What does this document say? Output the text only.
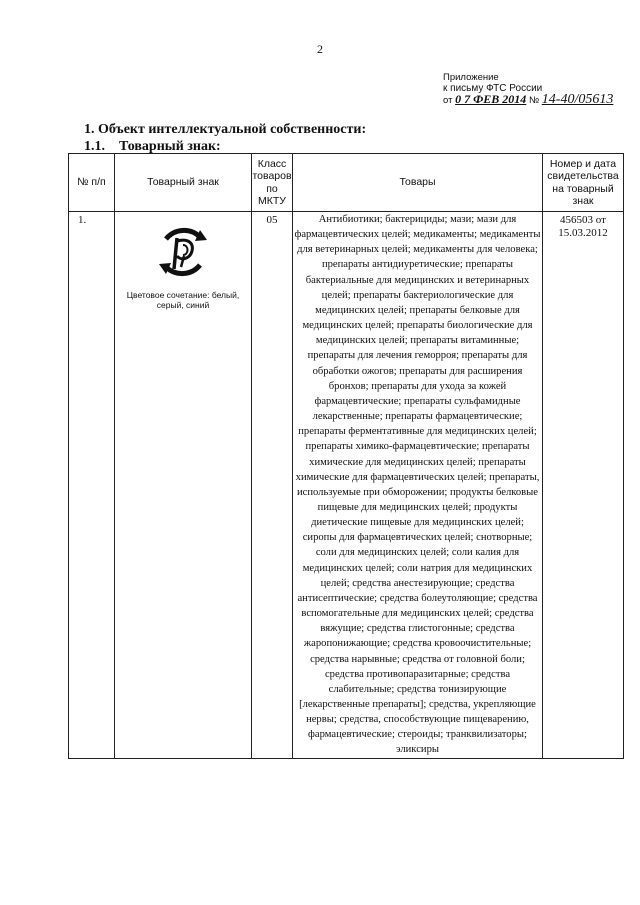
2
Приложение
к письму ФТС России
от 0 7 ФЕВ 2014 № 14-40/05613
1. Объект интеллектуальной собственности:
1.1. Товарный знак:
№ п/п	Товарный знак	Класс товаров по МКТУ	Товары	Номер и дата свидетельства на товарный знак
1.	Цветовое сочетание: белый, серый, синий	05	Антибиотики; бактерициды; мази; мази для фармацевтических целей; медикаменты; медикаменты для ветеринарных целей; медикаменты для человека; препараты антидиуретические; препараты бактериальные для медицинских и ветеринарных целей; препараты бактериологические для медицинских целей; препараты белковые для медицинских целей; препараты биологические для медицинских целей; препараты витаминные; препараты для лечения геморроя; препараты для обработки ожогов; препараты для расширения бронхов; препараты для ухода за кожей фармацевтические; препараты сульфамидные лекарственные; препараты фармацевтические; препараты ферментативные для медицинских целей; препараты химико-фармацевтические; препараты химические для медицинских целей; препараты химические для фармацевтических целей; препараты, используемые при обморожении; продукты белковые пищевые для медицинских целей; продукты диетические пищевые для медицинских целей; сиропы для фармацевтических целей; снотворные; соли для медицинских целей; соли калия для медицинских целей; соли натрия для медицинских целей; средства анестезирующие; средства антисептические; средства болеутоляющие; средства вспомогательные для медицинских целей; средства вяжущие; средства глистогонные; средства жаропонижающие; средства кровоочистительные; средства нарывные; средства от головной боли; средства противопаразитарные; средства слабительные; средства тонизирующие [лекарственные препараты]; средства, укрепляющие нервы; средства, способствующие пищеварению, фармацевтические; стероиды; транквилизаторы; эликсиры	456503 от
15.03.2012
